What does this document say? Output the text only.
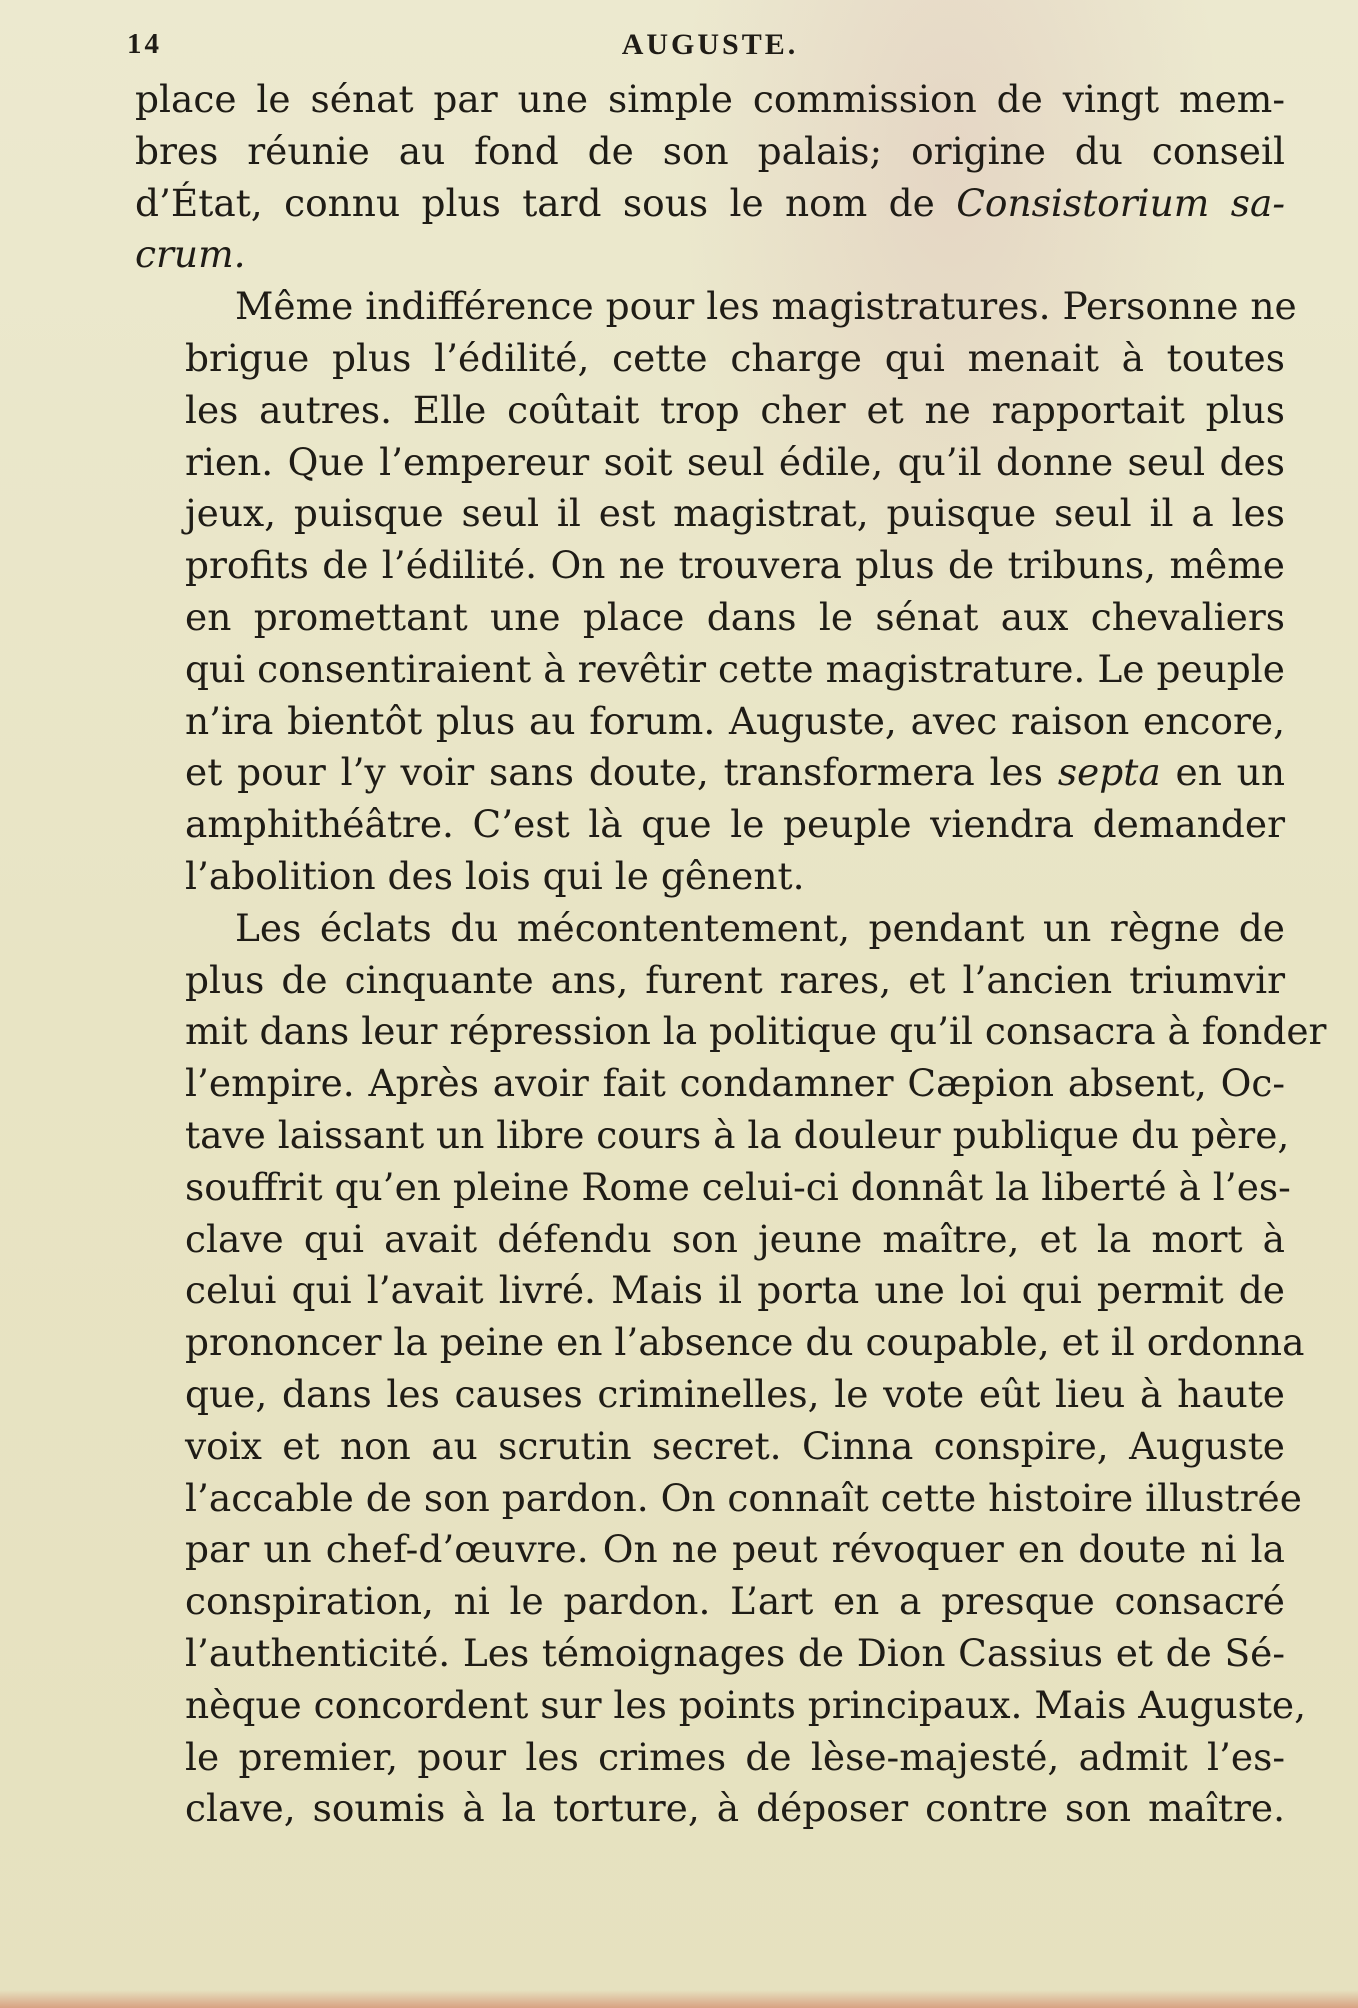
14	AUGUSTE.
place le sénat par une simple commission de vingt mem-
bres réunie au fond de son palais; origine du conseil
d’État, connu plus tard sous le nom de Consistorium sa-
crum.
Même indifférence pour les magistratures. Personne ne
brigue plus l’édilité, cette charge qui menait à toutes
les autres. Elle coûtait trop cher et ne rapportait plus
rien. Que l’empereur soit seul édile, qu’il donne seul des
jeux, puisque seul il est magistrat, puisque seul il a les
profits de l’édilité. On ne trouvera plus de tribuns, même
en promettant une place dans le sénat aux chevaliers
qui consentiraient à revêtir cette magistrature. Le peuple
n’ira bientôt plus au forum. Auguste, avec raison encore,
et pour l’y voir sans doute, transformera les septa en un
amphithéâtre. C’est là que le peuple viendra demander
l’abolition des lois qui le gênent.
Les éclats du mécontentement, pendant un règne de
plus de cinquante ans, furent rares, et l’ancien triumvir
mit dans leur répression la politique qu’il consacra à fonder
l’empire. Après avoir fait condamner Cæpion absent, Oc-
tave laissant un libre cours à la douleur publique du père,
souffrit qu’en pleine Rome celui-ci donnât la liberté à l’es-
clave qui avait défendu son jeune maître, et la mort à
celui qui l’avait livré. Mais il porta une loi qui permit de
prononcer la peine en l’absence du coupable, et il ordonna
que, dans les causes criminelles, le vote eût lieu à haute
voix et non au scrutin secret. Cinna conspire, Auguste
l’accable de son pardon. On connaît cette histoire illustrée
par un chef-d’œuvre. On ne peut révoquer en doute ni la
conspiration, ni le pardon. L’art en a presque consacré
l’authenticité. Les témoignages de Dion Cassius et de Sé-
nèque concordent sur les points principaux. Mais Auguste,
le premier, pour les crimes de lèse-majesté, admit l’es-
clave, soumis à la torture, à déposer contre son maître.
